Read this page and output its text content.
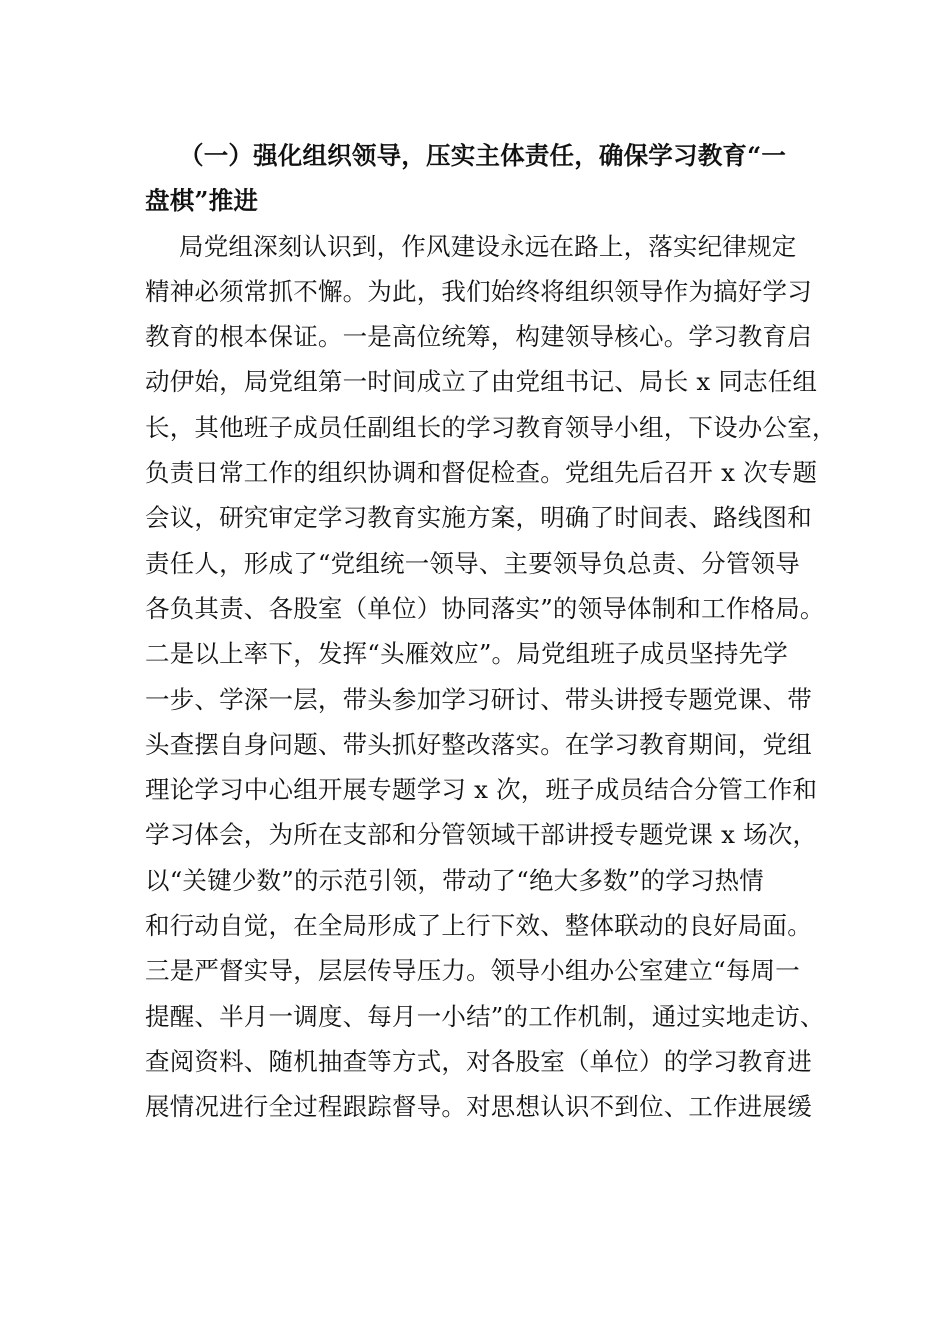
（一）强化组织领导，压实主体责任，确保学习教育“一
盘棋”推进
局党组深刻认识到，作风建设永远在路上，落实纪律规定
精神必须常抓不懈。为此，我们始终将组织领导作为搞好学习
教育的根本保证。一是高位统筹，构建领导核心。学习教育启
动伊始，局党组第一时间成立了由党组书记、局长 x 同志任组
长，其他班子成员任副组长的学习教育领导小组，下设办公室，
负责日常工作的组织协调和督促检查。党组先后召开 x 次专题
会议，研究审定学习教育实施方案，明确了时间表、路线图和
责任人，形成了“党组统一领导、主要领导负总责、分管领导
各负其责、各股室（单位）协同落实”的领导体制和工作格局。
二是以上率下，发挥“头雁效应”。局党组班子成员坚持先学
一步、学深一层，带头参加学习研讨、带头讲授专题党课、带
头查摆自身问题、带头抓好整改落实。在学习教育期间，党组
理论学习中心组开展专题学习 x 次，班子成员结合分管工作和
学习体会，为所在支部和分管领域干部讲授专题党课 x 场次，
以“关键少数”的示范引领，带动了“绝大多数”的学习热情
和行动自觉，在全局形成了上行下效、整体联动的良好局面。
三是严督实导，层层传导压力。领导小组办公室建立“每周一
提醒、半月一调度、每月一小结”的工作机制，通过实地走访、
查阅资料、随机抽查等方式，对各股室（单位）的学习教育进
展情况进行全过程跟踪督导。对思想认识不到位、工作进展缓
